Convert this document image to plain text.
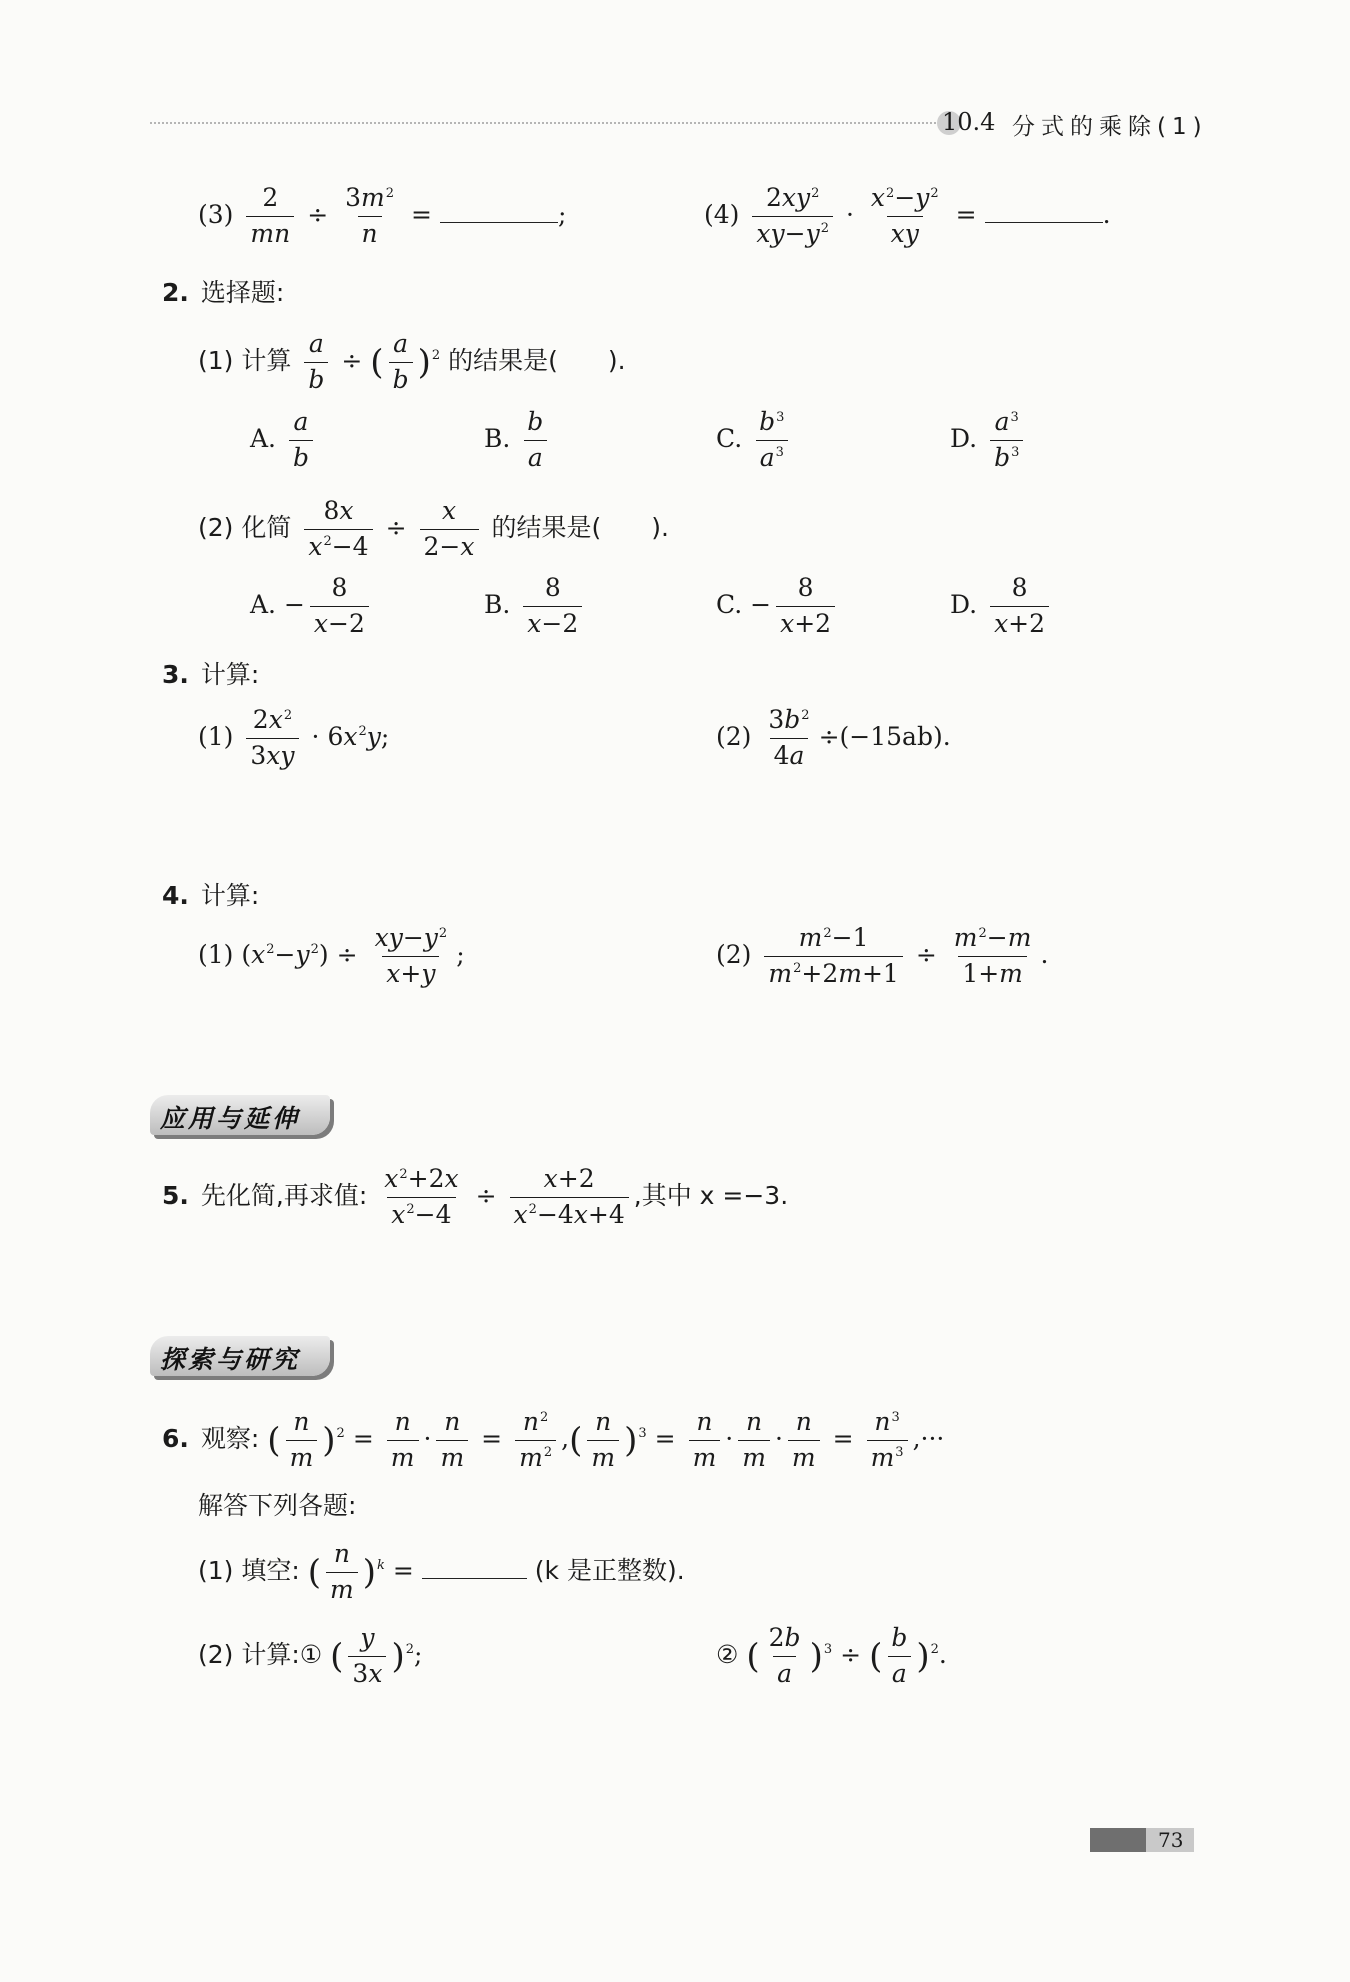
10.4 分式的乘除(1)
$(3) \frac{2}{mn} \div \frac{3m^2}{n}$ =	;	$(4) \frac{2xy^2}{xy-y^2} \cdot \frac{x^2-y^2}{xy}$ =	.
2. 选择题:
(1) 计算 $\frac{a}{b}$ ÷ ( $\frac{a}{b} )^2$ 的结果是(　　).
A. $\frac{a}{b}$	B. $\frac{b}{a}$	C. $\frac{b^3}{a^3}$	D. $\frac{a^3}{b^3}$
(2) 化简 $\frac{8x}{x^2-4} \div \frac{x}{2-x}$ 的结果是(　　).
A. − $\frac{8}{x-2}$	B. $\frac{8}{x-2}$	C. − $\frac{8}{x+2}$	D. $\frac{8}{x+2}$
3. 计算:
$(1) \frac{2x^2}{3xy} \cdot 6x^2y$;	$(2) \frac{3b^2}{4a} \div(-15ab)$.
4. 计算:
(1) $(x^2-y^2) \div \frac{xy-y^2}{x+y}$ ;	$(2) \frac{m^2-1}{m^2+2m+1} \div \frac{m^2-m}{1+m}$ .
应用与延伸
5. 先化简,再求值: $\frac{x^2+2x}{x^2-4} \div \frac{x+2}{x^2-4x+4}$ ,其中 x =−3.
探索与研究
6. 观察: ( $\frac{n}{m} )^2 = \frac{n}{m} \cdot \frac{n}{m} = \frac{n^2}{m^2}$ ,( $\frac{n}{m} )^3 = \frac{n}{m} \cdot \frac{n}{m} \cdot \frac{n}{m} = \frac{n^3}{m^3}$ ,···
解答下列各题:
(1) 填空: ( $\frac{n}{m} )^k$ =	(k 是正整数).
(2) 计算:① ( $\frac{y}{3x} )^2$;	② ( $\frac{2b}{a} )^3$ ÷ ( $\frac{b}{a} )^2$.
73
